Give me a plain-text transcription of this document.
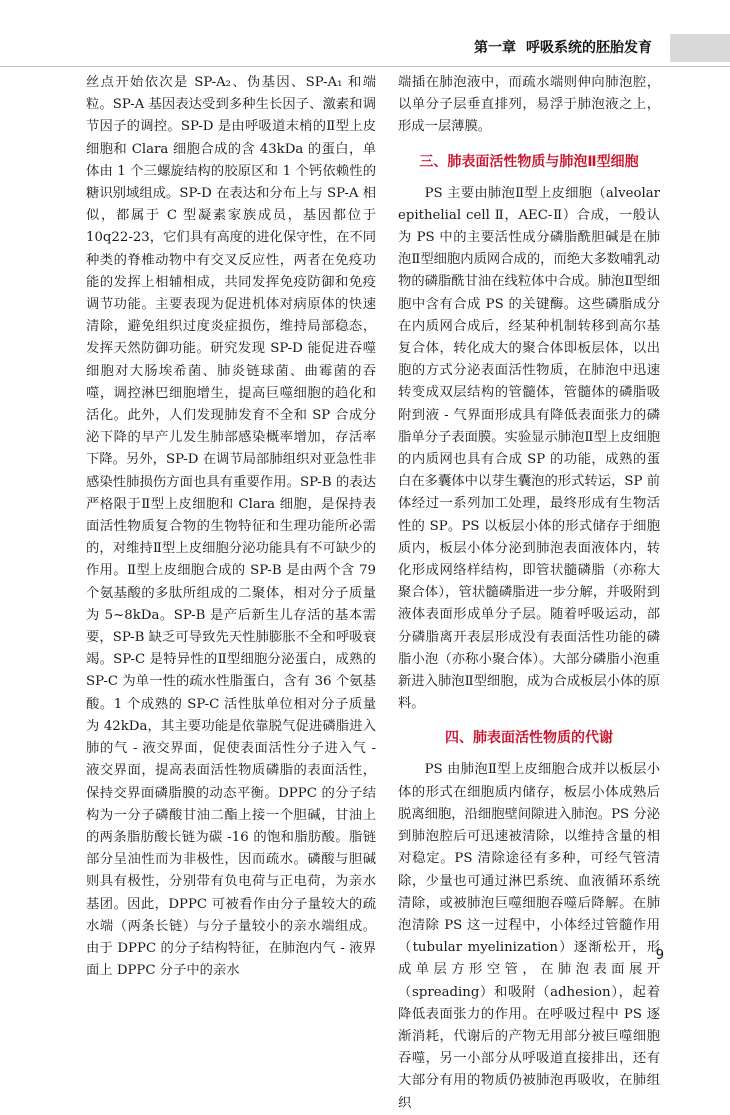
第一章 呼吸系统的胚胎发育

丝点开始依次是 SP-A₂、伪基因、SP-A₁ 和端粒。SP-A 基因表达受到多种生长因子、激素和调节因子的调控。SP-D 是由呼吸道末梢的Ⅱ型上皮细胞和 Clara 细胞合成的含 43kDa 的蛋白，单体由 1 个三螺旋结构的胶原区和 1 个钙依赖性的糖识别域组成。SP-D 在表达和分布上与 SP-A 相似，都属于 C 型凝素家族成员，基因都位于 10q22-23，它们具有高度的进化保守性，在不同种类的脊椎动物中有交叉反应性，两者在免疫功能的发挥上相辅相成，共同发挥免疫防御和免疫调节功能。主要表现为促进机体对病原体的快速清除，避免组织过度炎症损伤，维持局部稳态，发挥天然防御功能。研究发现 SP-D 能促进吞噬细胞对大肠埃希菌、肺炎链球菌、曲霉菌的吞噬，调控淋巴细胞增生，提高巨噬细胞的趋化和活化。此外，人们发现肺发育不全和 SP 合成分泌下降的早产儿发生肺部感染概率增加，存活率下降。另外，SP-D 在调节局部肺组织对亚急性非感染性肺损伤方面也具有重要作用。SP-B 的表达严格限于Ⅱ型上皮细胞和 Clara 细胞，是保持表面活性物质复合物的生物特征和生理功能所必需的，对维持Ⅱ型上皮细胞分泌功能具有不可缺少的作用。Ⅱ型上皮细胞合成的 SP-B 是由两个含 79 个氨基酸的多肽所组成的二聚体，相对分子质量为 5~8kDa。SP-B 是产后新生儿存活的基本需要，SP-B 缺乏可导致先天性肺膨胀不全和呼吸衰竭。SP-C 是特异性的Ⅱ型细胞分泌蛋白，成熟的 SP-C 为单一性的疏水性脂蛋白，含有 36 个氨基酸。1 个成熟的 SP-C 活性肽单位相对分子质量为 42kDa，其主要功能是依靠脱气促进磷脂进入肺的气 - 液交界面，促使表面活性分子进入气 - 液交界面，提高表面活性物质磷脂的表面活性，保持交界面磷脂膜的动态平衡。DPPC 的分子结构为一分子磷酸甘油二酯上接一个胆碱，甘油上的两条脂肪酸长链为碳 -16 的饱和脂肪酸。脂链部分呈油性而为非极性，因而疏水。磷酸与胆碱则具有极性，分别带有负电荷与正电荷，为亲水基团。因此，DPPC 可被看作由分子量较大的疏水端（两条长链）与分子量较小的亲水端组成。由于 DPPC 的分子结构特征，在肺泡内气 - 液界面上 DPPC 分子中的亲水

端插在肺泡液中，而疏水端则伸向肺泡腔，以单分子层垂直排列，易浮于肺泡液之上，形成一层薄膜。

三、肺表面活性物质与肺泡Ⅱ型细胞

PS 主要由肺泡Ⅱ型上皮细胞（alveolar epithelial cell Ⅱ，AEC-Ⅱ）合成，一般认为 PS 中的主要活性成分磷脂酰胆碱是在肺泡Ⅱ型细胞内质网合成的，而绝大多数哺乳动物的磷脂酰甘油在线粒体中合成。肺泡Ⅱ型细胞中含有合成 PS 的关键酶。这些磷脂成分在内质网合成后，经某种机制转移到高尔基复合体，转化成大的聚合体即板层体，以出胞的方式分泌表面活性物质，在肺泡中迅速转变成双层结构的管髓体，管髓体的磷脂吸附到液 - 气界面形成具有降低表面张力的磷脂单分子表面膜。实验显示肺泡Ⅱ型上皮细胞的内质网也具有合成 SP 的功能，成熟的蛋白在多囊体中以芽生囊泡的形式转运，SP 前体经过一系列加工处理，最终形成有生物活性的 SP。PS 以板层小体的形式储存于细胞质内，板层小体分泌到肺泡表面液体内，转化形成网络样结构，即管状髓磷脂（亦称大聚合体），管状髓磷脂进一步分解，并吸附到液体表面形成单分子层。随着呼吸运动，部分磷脂离开表层形成没有表面活性功能的磷脂小泡（亦称小聚合体）。大部分磷脂小泡重新进入肺泡Ⅱ型细胞，成为合成板层小体的原料。

四、肺表面活性物质的代谢

PS 由肺泡Ⅱ型上皮细胞合成并以板层小体的形式在细胞质内储存，板层小体成熟后脱离细胞，沿细胞壁间隙进入肺泡。PS 分泌到肺泡腔后可迅速被清除，以维持含量的相对稳定。PS 清除途径有多种，可经气管清除，少量也可通过淋巴系统、血液循环系统清除，或被肺泡巨噬细胞吞噬后降解。在肺泡清除 PS 这一过程中，小体经过管髓作用（tubular myelinization）逐渐松开，形成单层方形空管，在肺泡表面展开（spreading）和吸附（adhesion），起着降低表面张力的作用。在呼吸过程中 PS 逐渐消耗，代谢后的产物无用部分被巨噬细胞吞噬，另一小部分从呼吸道直接排出，还有大部分有用的物质仍被肺泡再吸收，在肺组织

9
